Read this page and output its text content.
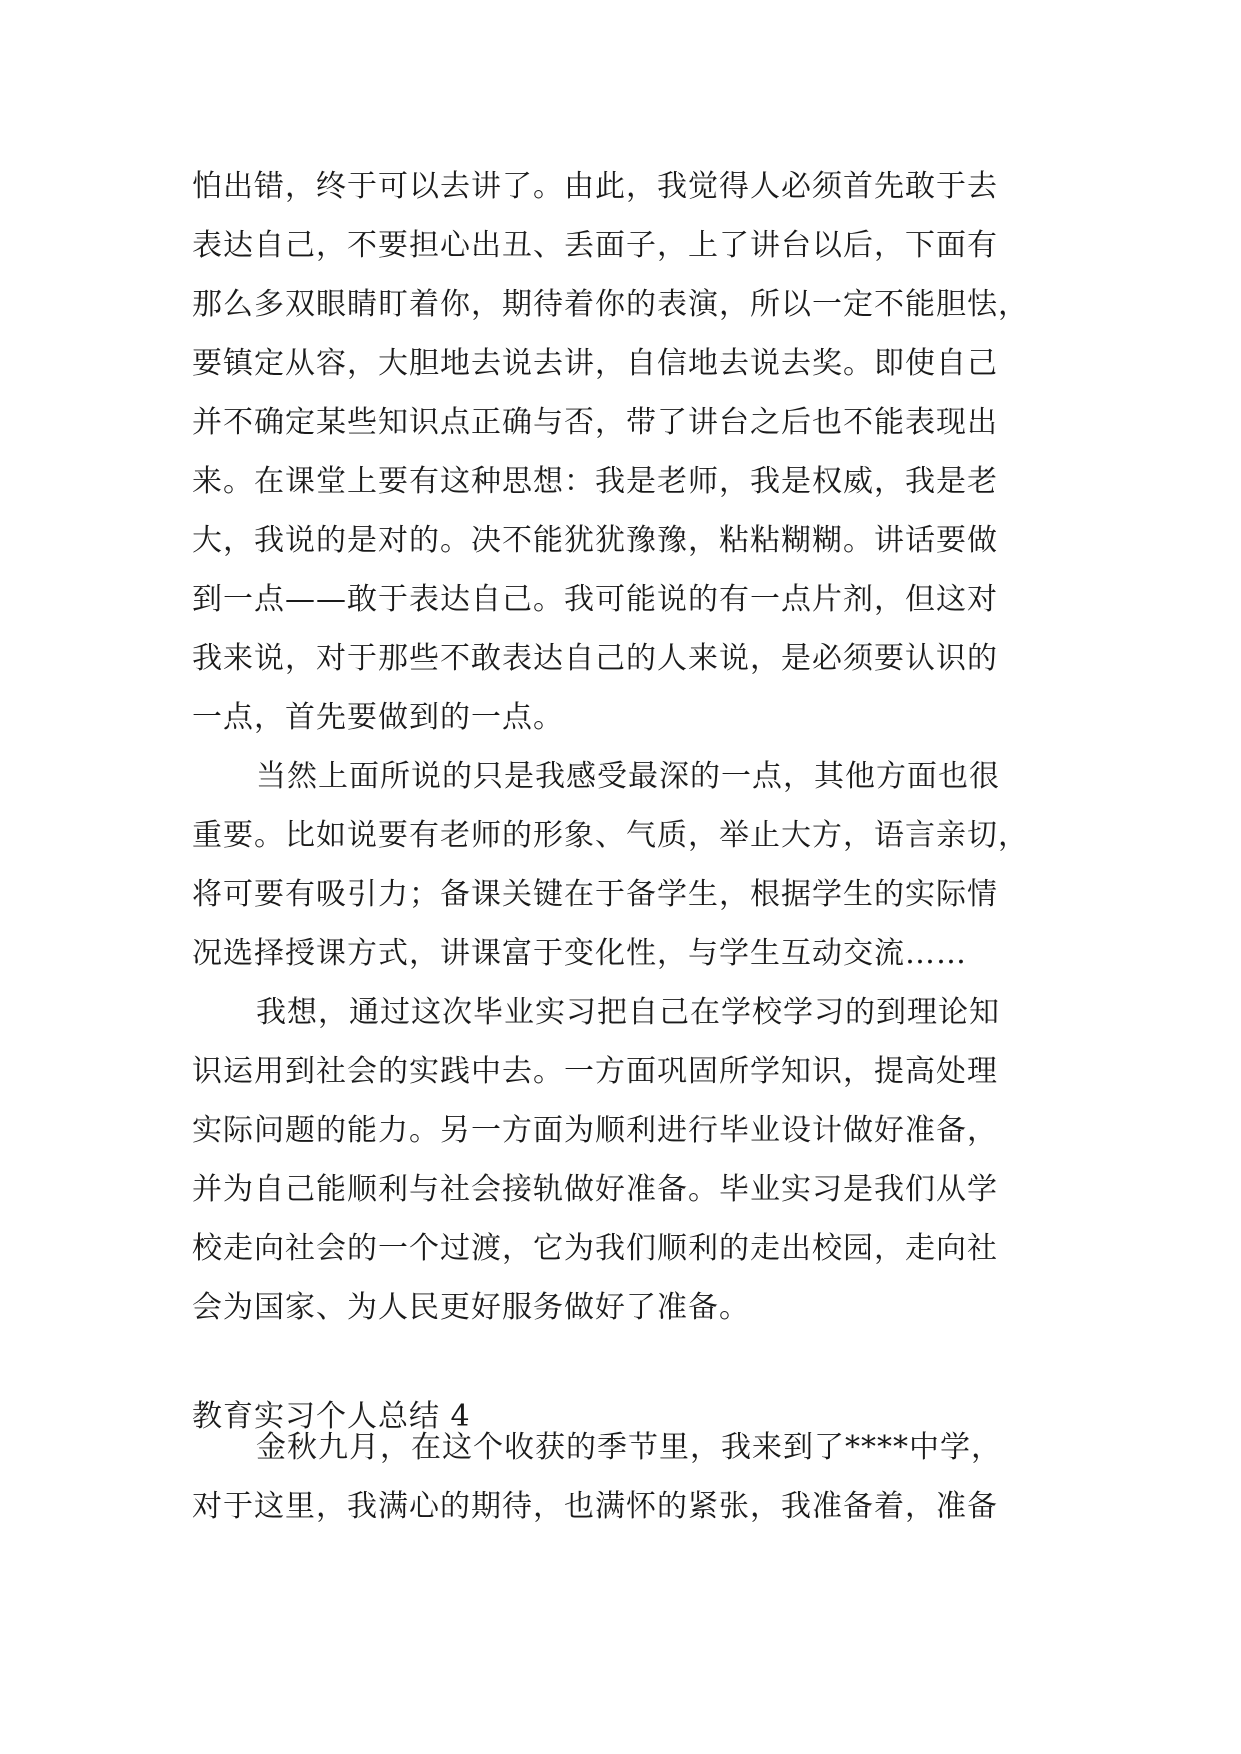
怕出错，终于可以去讲了。由此，我觉得人必须首先敢于去
表达自己，不要担心出丑、丢面子，上了讲台以后，下面有
那么多双眼睛盯着你，期待着你的表演，所以一定不能胆怯，
要镇定从容，大胆地去说去讲，自信地去说去奖。即使自己
并不确定某些知识点正确与否，带了讲台之后也不能表现出
来。在课堂上要有这种思想：我是老师，我是权威，我是老
大，我说的是对的。决不能犹犹豫豫，粘粘糊糊。讲话要做
到一点——敢于表达自己。我可能说的有一点片剂，但这对
我来说，对于那些不敢表达自己的人来说，是必须要认识的
一点，首先要做到的一点。
当然上面所说的只是我感受最深的一点，其他方面也很
重要。比如说要有老师的形象、气质，举止大方，语言亲切，
将可要有吸引力；备课关键在于备学生，根据学生的实际情
况选择授课方式，讲课富于变化性，与学生互动交流……
我想，通过这次毕业实习把自己在学校学习的到理论知
识运用到社会的实践中去。一方面巩固所学知识，提高处理
实际问题的能力。另一方面为顺利进行毕业设计做好准备，
并为自己能顺利与社会接轨做好准备。毕业实习是我们从学
校走向社会的一个过渡，它为我们顺利的走出校园，走向社
会为国家、为人民更好服务做好了准备。
教育实习个人总结 4
金秋九月，在这个收获的季节里，我来到了****中学，
对于这里，我满心的期待，也满怀的紧张，我准备着，准备
